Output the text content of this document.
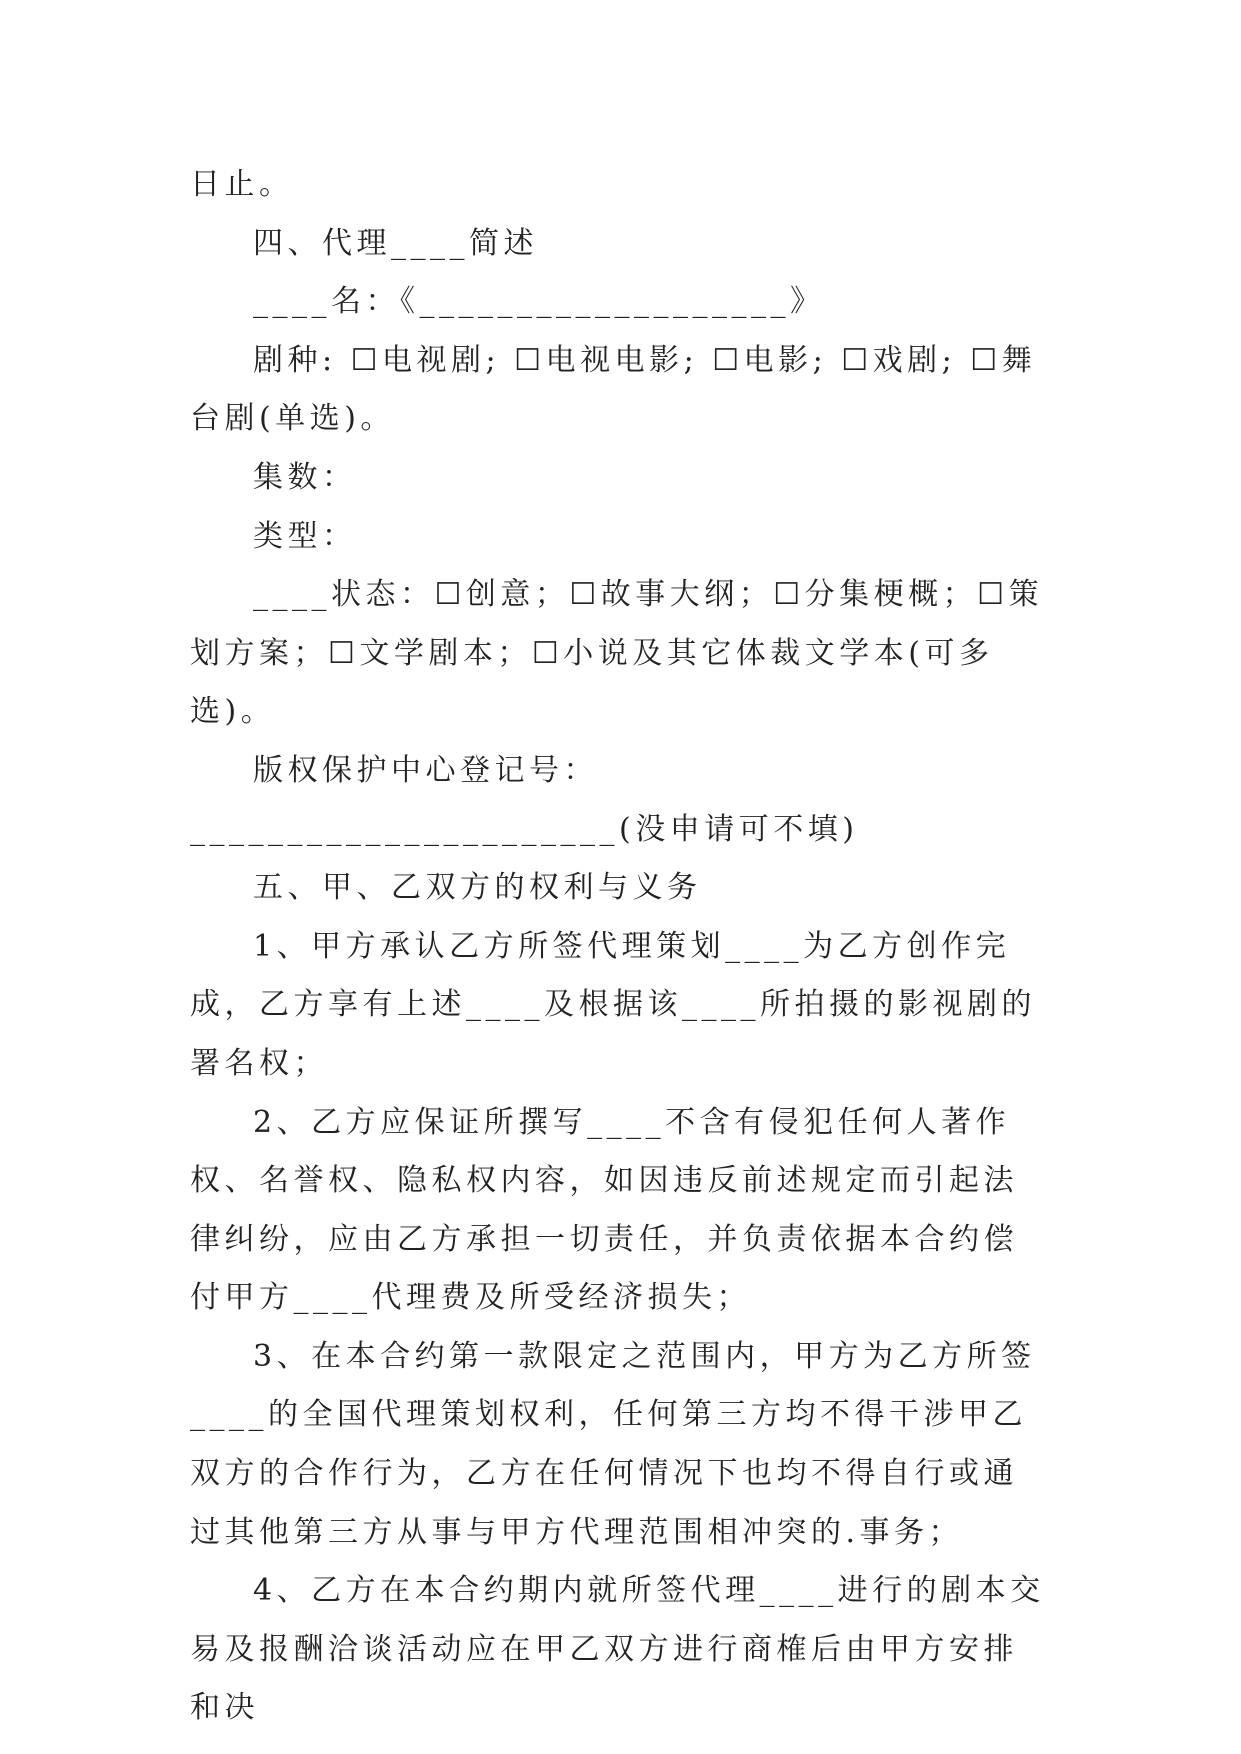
日止。

四、代理____简述

____名：《___________________》

剧种: ☐电视剧; ☐电视电影; ☐电影; ☐戏剧; ☐舞台剧(单选)。

集数：

类型：

____状态：☐创意；☐故事大纲；☐分集梗概；☐策划方案；☐文学剧本；☐小说及其它体裁文学本(可多选)。

版权保护中心登记号：______________________(没申请可不填)

五、甲、乙双方的权利与义务

1、甲方承认乙方所签代理策划____为乙方创作完成，乙方享有上述____及根据该____所拍摄的影视剧的署名权；

2、乙方应保证所撰写____不含有侵犯任何人著作权、名誉权、隐私权内容，如因违反前述规定而引起法律纠纷，应由乙方承担一切责任，并负责依据本合约偿付甲方____代理费及所受经济损失；

3、在本合约第一款限定之范围内，甲方为乙方所签____的全国代理策划权利，任何第三方均不得干涉甲乙双方的合作行为，乙方在任何情况下也均不得自行或通过其他第三方从事与甲方代理范围相冲突的.事务；

4、乙方在本合约期内就所签代理____进行的剧本交易及报酬洽谈活动应在甲乙双方进行商榷后由甲方安排和决
